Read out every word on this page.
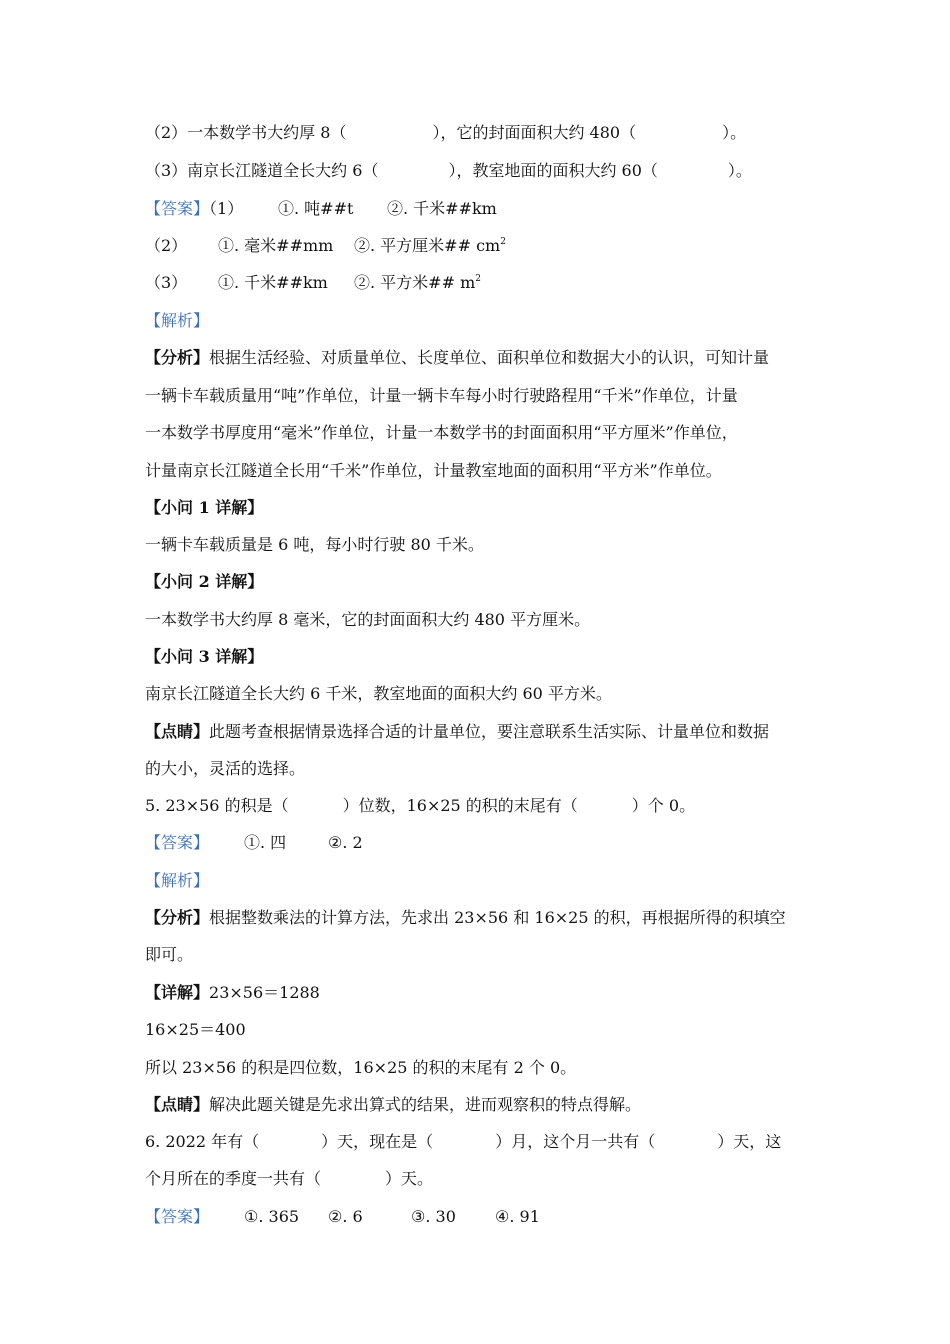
（2）一本数学书大约厚 8（	），它的封面面积大约 480（	）。
（3）南京长江隧道全长大约 6（	），教室地面的面积大约 60（	）。
【答案】（1） ①. 吨##t ②. 千米##km
（2） ①. 毫米##mm ②. 平方厘米## $cm^2$
（3） ①. 千米##km ②. 平方米## $m^2$
【解析】
【分析】根据生活经验、对质量单位、长度单位、面积单位和数据大小的认识，可知计量
一辆卡车载质量用“吨”作单位，计量一辆卡车每小时行驶路程用“千米”作单位，计量
一本数学书厚度用“毫米”作单位，计量一本数学书的封面面积用“平方厘米”作单位，
计量南京长江隧道全长用“千米”作单位，计量教室地面的面积用“平方米”作单位。
【小问 1 详解】
一辆卡车载质量是 6 吨，每小时行驶 80 千米。
【小问 2 详解】
一本数学书大约厚 8 毫米，它的封面面积大约 480 平方厘米。
【小问 3 详解】
南京长江隧道全长大约 6 千米，教室地面的面积大约 60 平方米。
【点睛】此题考查根据情景选择合适的计量单位，要注意联系生活实际、计量单位和数据
的大小，灵活的选择。
5. 23×56 的积是（	）位数，16×25 的积的末尾有（	）个 0。
【答案】 ①. 四	②. 2
【解析】
【分析】根据整数乘法的计算方法，先求出 23×56 和 16×25 的积，再根据所得的积填空
即可。
【详解】23×56＝1288
16×25＝400
所以 23×56 的积是四位数，16×25 的积的末尾有 2 个 0。
【点睛】解决此题关键是先求出算式的结果，进而观察积的特点得解。
6. 2022 年有（	）天，现在是（	）月，这个月一共有（	）天，这
个月所在的季度一共有（	）天。
【答案】 ①. 365 ②. 6	③. 30 ④. 91
